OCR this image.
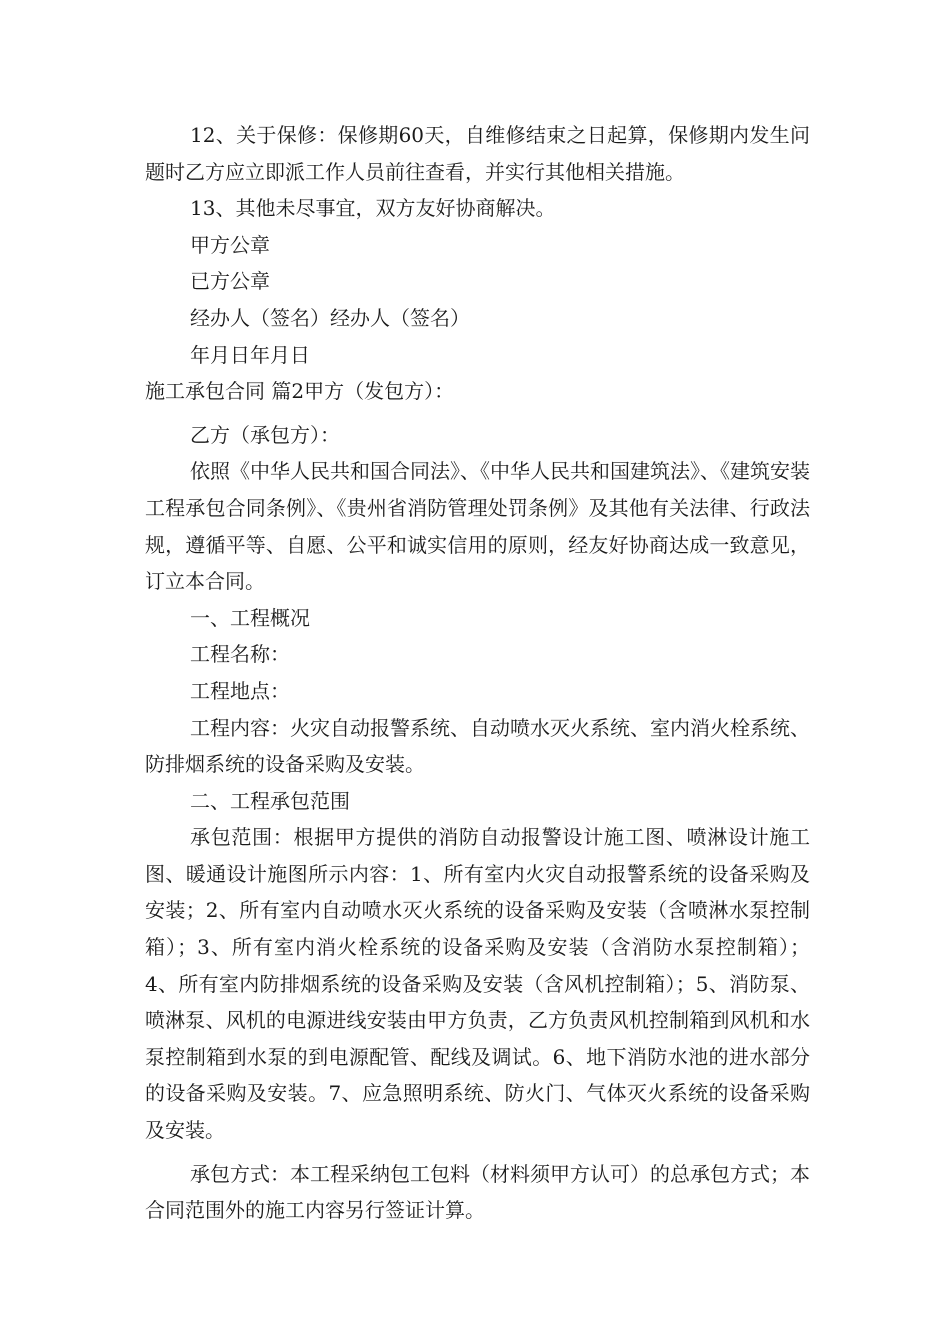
12、关于保修：保修期60天，自维修结束之日起算，保修期内发生问题时乙方应立即派工作人员前往查看，并实行其他相关措施。

13、其他未尽事宜，双方友好协商解决。

甲方公章

已方公章

经办人（签名）经办人（签名）

年月日年月日

施工承包合同 篇2甲方（发包方）：

乙方（承包方）：

依照《中华人民共和国合同法》、《中华人民共和国建筑法》、《建筑安装工程承包合同条例》、《贵州省消防管理处罚条例》及其他有关法律、行政法规，遵循平等、自愿、公平和诚实信用的原则，经友好协商达成一致意见，订立本合同。

一、工程概况

工程名称：

工程地点：

工程内容：火灾自动报警系统、自动喷水灭火系统、室内消火栓系统、防排烟系统的设备采购及安装。

二、工程承包范围

承包范围：根据甲方提供的消防自动报警设计施工图、喷淋设计施工图、暖通设计施图所示内容：1、所有室内火灾自动报警系统的设备采购及安装；2、所有室内自动喷水灭火系统的设备采购及安装（含喷淋水泵控制箱）；3、所有室内消火栓系统的设备采购及安装（含消防水泵控制箱）；4、所有室内防排烟系统的设备采购及安装（含风机控制箱）；5、消防泵、喷淋泵、风机的电源进线安装由甲方负责，乙方负责风机控制箱到风机和水泵控制箱到水泵的到电源配管、配线及调试。6、地下消防水池的进水部分的设备采购及安装。7、应急照明系统、防火门、气体灭火系统的设备采购及安装。

承包方式：本工程采纳包工包料（材料须甲方认可）的总承包方式；本合同范围外的施工内容另行签证计算。
